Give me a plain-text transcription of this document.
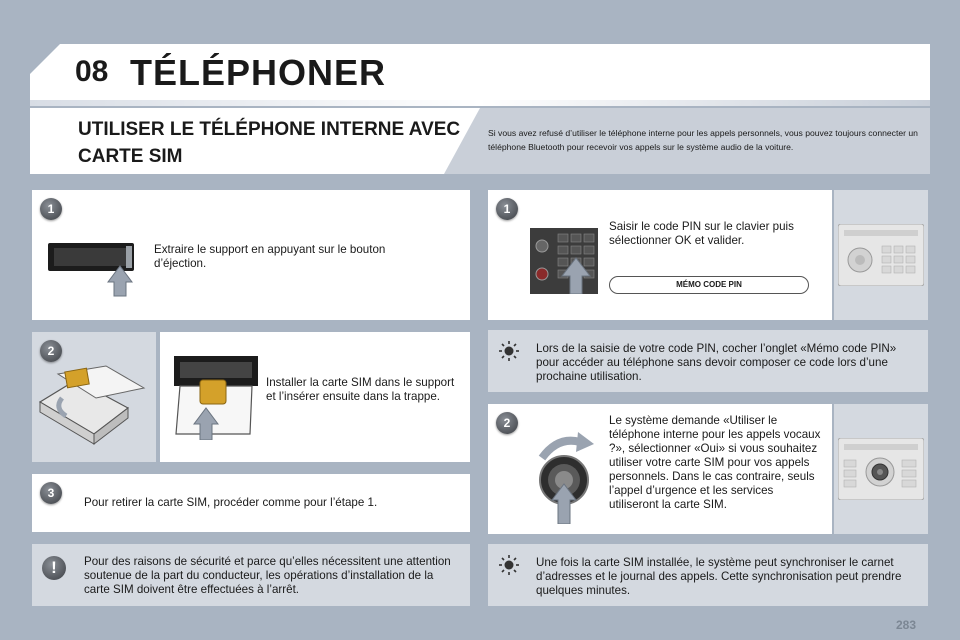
08 TÉLÉPHONER
UTILISER LE TÉLÉPHONE INTERNE AVEC CARTE SIM
Si vous avez refusé d’utiliser le téléphone interne pour les appels personnels, vous pouvez toujours connecter un téléphone Bluetooth pour recevoir vos appels sur le système audio de la voiture.
1
Extraire le support en appuyant sur le bouton d’éjection.
2
Installer la carte SIM dans le support et l’insérer ensuite dans la trappe.
3
Pour retirer la carte SIM, procéder comme pour l’étape 1.
!	Pour des raisons de sécurité et parce qu’elles nécessitent une attention soutenue de la part du conducteur, les opérations d’installation de la carte SIM doivent être effectuées à l’arrêt.
1
Saisir le code PIN sur le clavier puis sélectionner OK et valider.
MÉMO CODE PIN
Lors de la saisie de votre code PIN, cocher l’onglet «Mémo code PIN» pour accéder au téléphone sans devoir composer ce code lors d’une prochaine utilisation.
2	Le système demande «Utiliser le téléphone interne pour les appels vocaux ?», sélectionner «Oui» si vous souhaitez utiliser votre carte SIM pour vos appels personnels. Dans le cas contraire, seuls l’appel d’urgence et les services utiliseront la carte SIM.
Une fois la carte SIM installée, le système peut synchroniser le carnet d’adresses et le journal des appels. Cette synchronisation peut prendre quelques minutes.
283
